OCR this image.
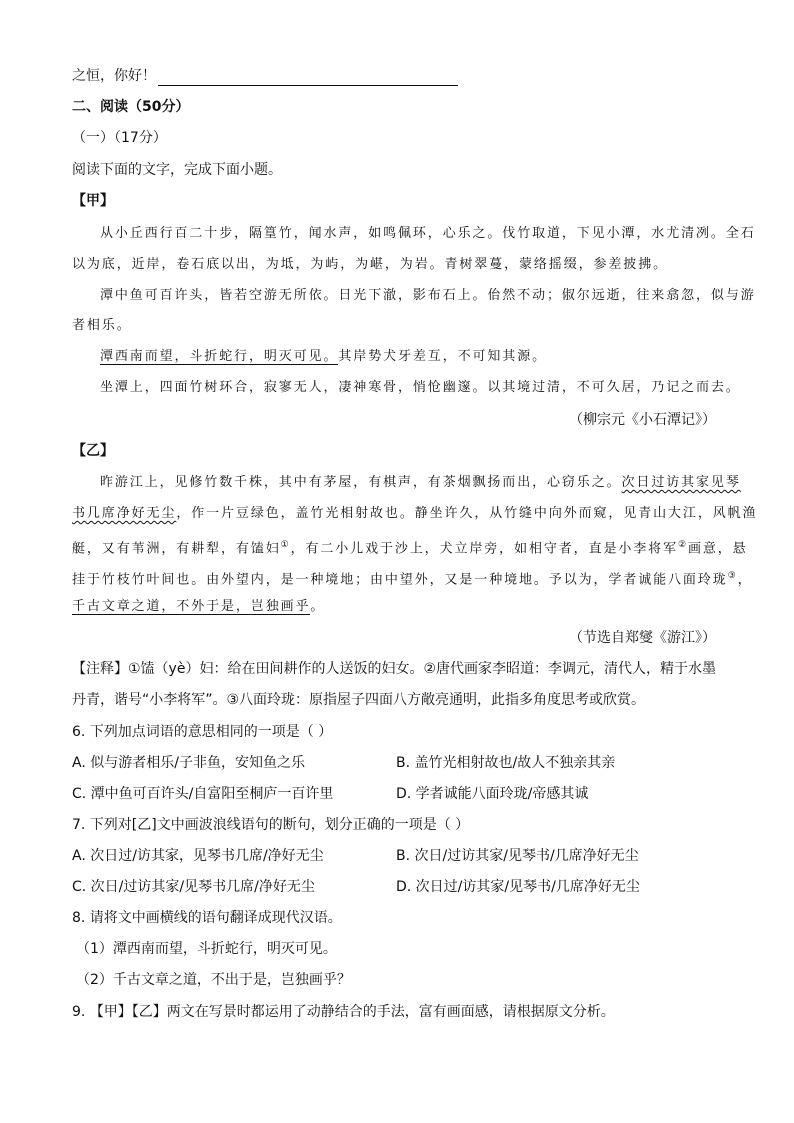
之恒，你好！
二、阅读（50分）
（一）（17分）
阅读下面的文字，完成下面小题。
【甲】
从小丘西行百二十步，隔篁竹，闻水声，如鸣佩环，心乐之。伐竹取道，下见小潭，水尤清冽。全石
以为底，近岸，卷石底以出，为坻，为屿，为嵁，为岩。青树翠蔓，蒙络摇缀，参差披拂。
潭中鱼可百许头，皆若空游无所依。日光下澈，影布石上。佁然不动；俶尔远逝，往来翕忽，似与游
者相乐。
潭西南而望，斗折蛇行，明灭可见。其岸势犬牙差互，不可知其源。
坐潭上，四面竹树环合，寂寥无人，凄神寒骨，悄怆幽邃。以其境过清，不可久居，乃记之而去。
（柳宗元《小石潭记》）
【乙】
昨游江上，见修竹数千株，其中有茅屋，有棋声，有茶烟飘扬而出，心窃乐之。次日过访其家见琴
书几席净好无尘，作一片豆绿色，盖竹光相射故也。静坐许久，从竹缝中向外而窥，见青山大江，风帆渔
艇，又有苇洲，有耕犁，有馌妇①，有二小儿戏于沙上，犬立岸旁，如相守者，直是小李将军②画意，悬
挂于竹枝竹叶间也。由外望内，是一种境地；由中望外，又是一种境地。予以为，学者诚能八面玲珑③，
千古文章之道，不外于是，岂独画乎。
（节选自郑燮《游江》）
【注释】①馌（yè）妇：给在田间耕作的人送饭的妇女。②唐代画家李昭道：李调元，清代人，精于水墨
丹青，谐号“小李将军”。③八面玲珑：原指屋子四面八方敞亮通明，此指多角度思考或欣赏。
6. 下列加点词语的意思相同的一项是（ ）
A. 似与游者相乐/子非鱼，安知鱼之乐	B. 盖竹光相射故也/故人不独亲其亲
C. 潭中鱼可百许头/自富阳至桐庐一百许里	D. 学者诚能八面玲珑/帝感其诚
7. 下列对[乙]文中画波浪线语句的断句，划分正确的一项是（ ）
A. 次日过/访其家，见琴书几席/净好无尘	B. 次日/过访其家/见琴书/几席净好无尘
C. 次日/过访其家/见琴书几席/净好无尘	D. 次日过/访其家/见琴书/几席净好无尘
8. 请将文中画横线的语句翻译成现代汉语。
（1）潭西南而望，斗折蛇行，明灭可见。
（2）千古文章之道，不出于是，岂独画乎？
9. 【甲】【乙】两文在写景时都运用了动静结合的手法，富有画面感，请根据原文分析。
